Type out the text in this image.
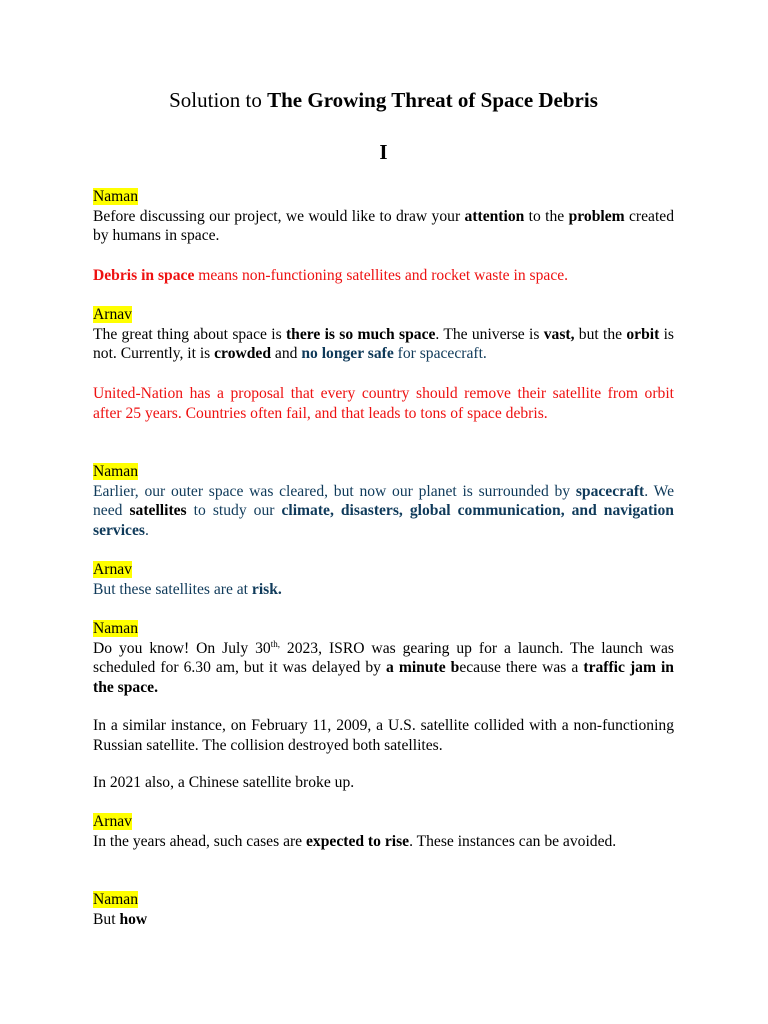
Solution to The Growing Threat of Space Debris
I
Naman
Before discussing our project, we would like to draw your attention to the problem created by humans in space.
Debris in space means non-functioning satellites and rocket waste in space.
Arnav
The great thing about space is there is so much space. The universe is vast, but the orbit is not. Currently, it is crowded and no longer safe for spacecraft.
United-Nation has a proposal that every country should remove their satellite from orbit after 25 years. Countries often fail, and that leads to tons of space debris.
Naman
Earlier, our outer space was cleared, but now our planet is surrounded by spacecraft. We need satellites to study our climate, disasters, global communication, and navigation services.
Arnav
But these satellites are at risk.
Naman
Do you know! On July $30^{th,}$ 2023, ISRO was gearing up for a launch. The launch was scheduled for 6.30 am, but it was delayed by a minute because there was a traffic jam in the space.
In a similar instance, on February 11, 2009, a U.S. satellite collided with a non-functioning Russian satellite. The collision destroyed both satellites.
In 2021 also, a Chinese satellite broke up.
Arnav
In the years ahead, such cases are expected to rise. These instances can be avoided.
Naman
But how
